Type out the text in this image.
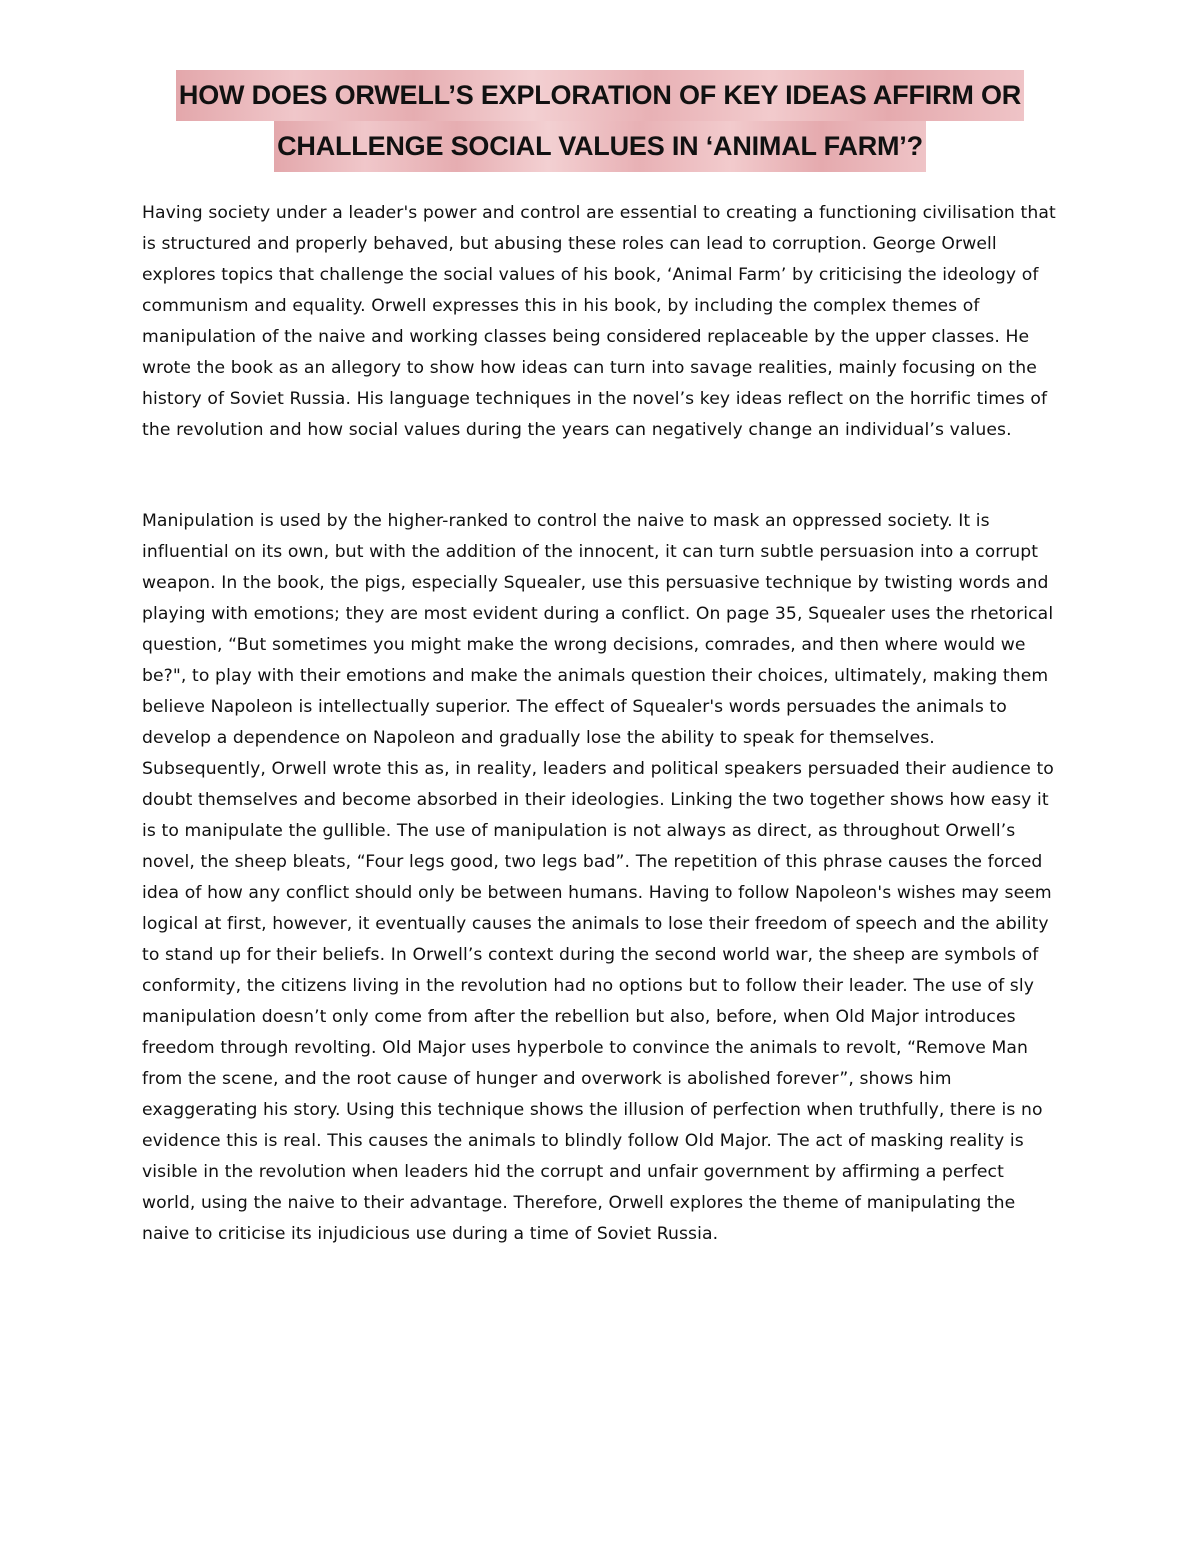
HOW DOES ORWELL’S EXPLORATION OF KEY IDEAS AFFIRM OR
CHALLENGE SOCIAL VALUES IN ‘ANIMAL FARM’?

Having society under a leader's power and control are essential to creating a functioning civilisation that is structured and properly behaved, but abusing these roles can lead to corruption. George Orwell explores topics that challenge the social values of his book, ‘Animal Farm’ by criticising the ideology of communism and equality. Orwell expresses this in his book, by including the complex themes of manipulation of the naive and working classes being considered replaceable by the upper classes. He wrote the book as an allegory to show how ideas can turn into savage realities, mainly focusing on the history of Soviet Russia. His language techniques in the novel’s key ideas reflect on the horrific times of the revolution and how social values during the years can negatively change an individual’s values.

Manipulation is used by the higher-ranked to control the naive to mask an oppressed society. It is influential on its own, but with the addition of the innocent, it can turn subtle persuasion into a corrupt weapon. In the book, the pigs, especially Squealer, use this persuasive technique by twisting words and playing with emotions; they are most evident during a conflict. On page 35, Squealer uses the rhetorical question, “But sometimes you might make the wrong decisions, comrades, and then where would we be?", to play with their emotions and make the animals question their choices, ultimately, making them believe Napoleon is intellectually superior. The effect of Squealer's words persuades the animals to develop a dependence on Napoleon and gradually lose the ability to speak for themselves. Subsequently, Orwell wrote this as, in reality, leaders and political speakers persuaded their audience to doubt themselves and become absorbed in their ideologies. Linking the two together shows how easy it is to manipulate the gullible. The use of manipulation is not always as direct, as throughout Orwell’s novel, the sheep bleats, “Four legs good, two legs bad”. The repetition of this phrase causes the forced idea of how any conflict should only be between humans. Having to follow Napoleon's wishes may seem logical at first, however, it eventually causes the animals to lose their freedom of speech and the ability to stand up for their beliefs. In Orwell’s context during the second world war, the sheep are symbols of conformity, the citizens living in the revolution had no options but to follow their leader. The use of sly manipulation doesn’t only come from after the rebellion but also, before, when Old Major introduces freedom through revolting. Old Major uses hyperbole to convince the animals to revolt, “Remove Man from the scene, and the root cause of hunger and overwork is abolished forever”, shows him exaggerating his story. Using this technique shows the illusion of perfection when truthfully, there is no evidence this is real. This causes the animals to blindly follow Old Major. The act of masking reality is visible in the revolution when leaders hid the corrupt and unfair government by affirming a perfect world, using the naive to their advantage. Therefore, Orwell explores the theme of manipulating the naive to criticise its injudicious use during a time of Soviet Russia.
